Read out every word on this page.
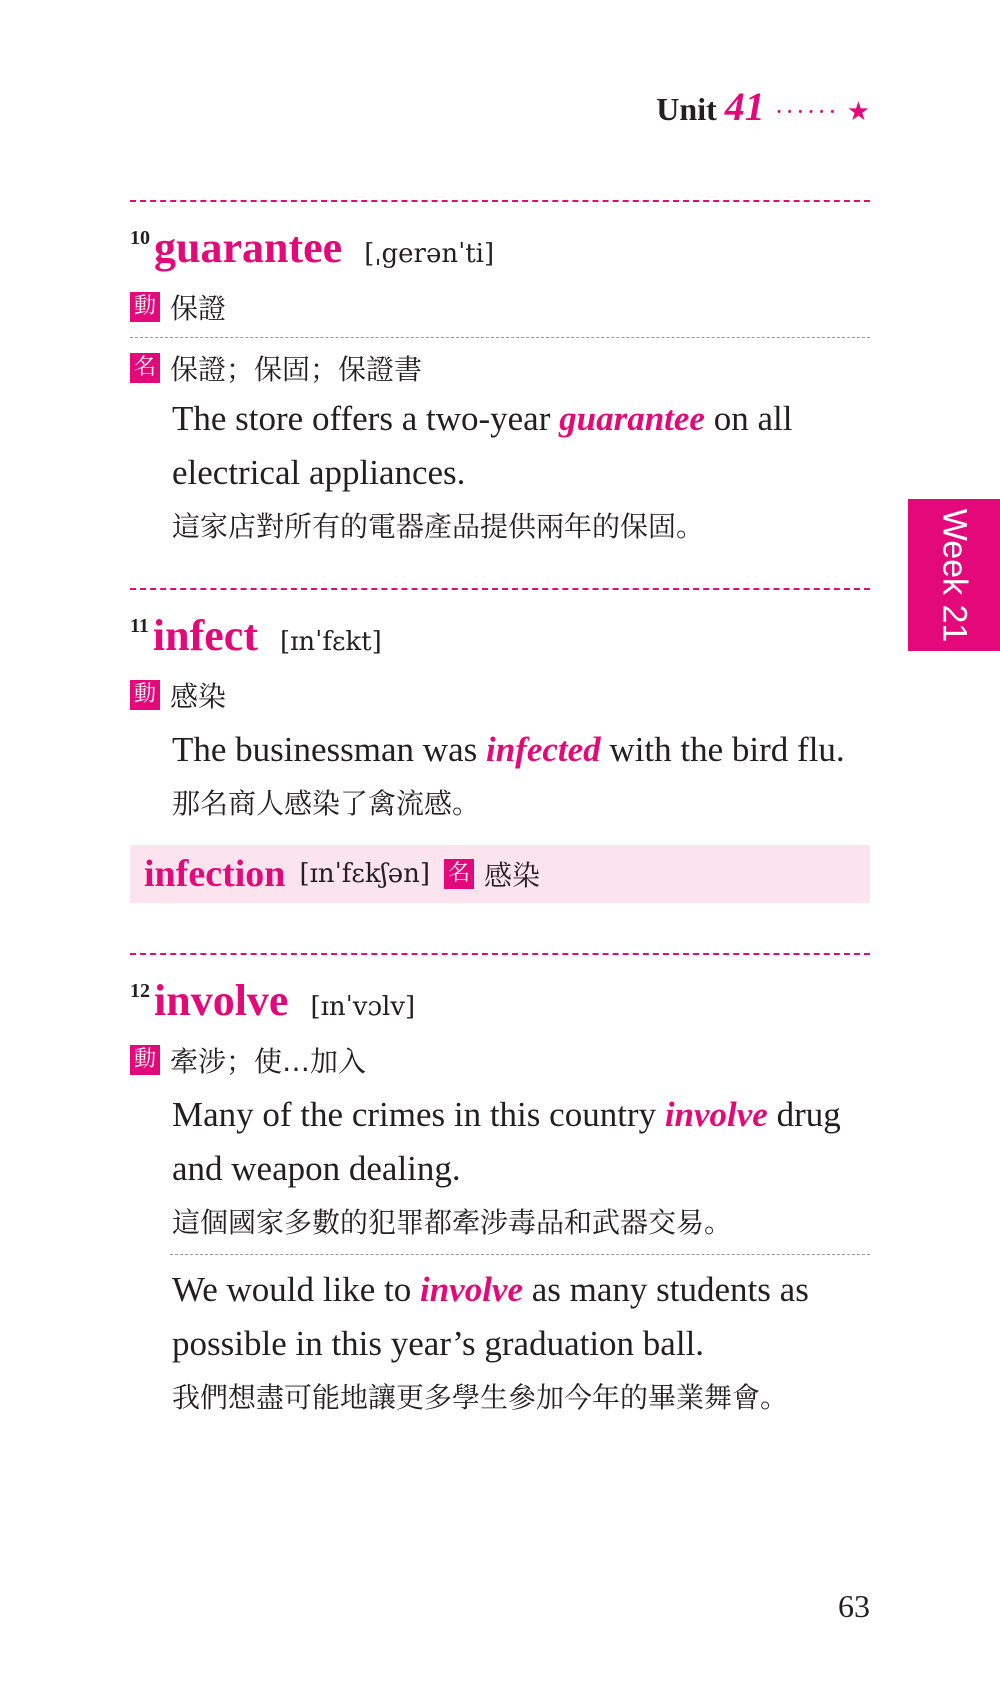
Unit 41 ······ ★
Week 21
10 guarantee [ˌgerənˈti]
動 保證
名 保證；保固；保證書
The store offers a two-year guarantee on all electrical appliances.
這家店對所有的電器產品提供兩年的保固。
11 infect [ɪnˈfɛkt]
動 感染
The businessman was infected with the bird flu.
那名商人感染了禽流感。
infection [ɪnˈfɛkʃən] 名 感染
12 involve [ɪnˈvɔlv]
動 牽涉；使…加入
Many of the crimes in this country involve drug and weapon dealing.
這個國家多數的犯罪都牽涉毒品和武器交易。
We would like to involve as many students as possible in this year’s graduation ball.
我們想盡可能地讓更多學生參加今年的畢業舞會。
63
